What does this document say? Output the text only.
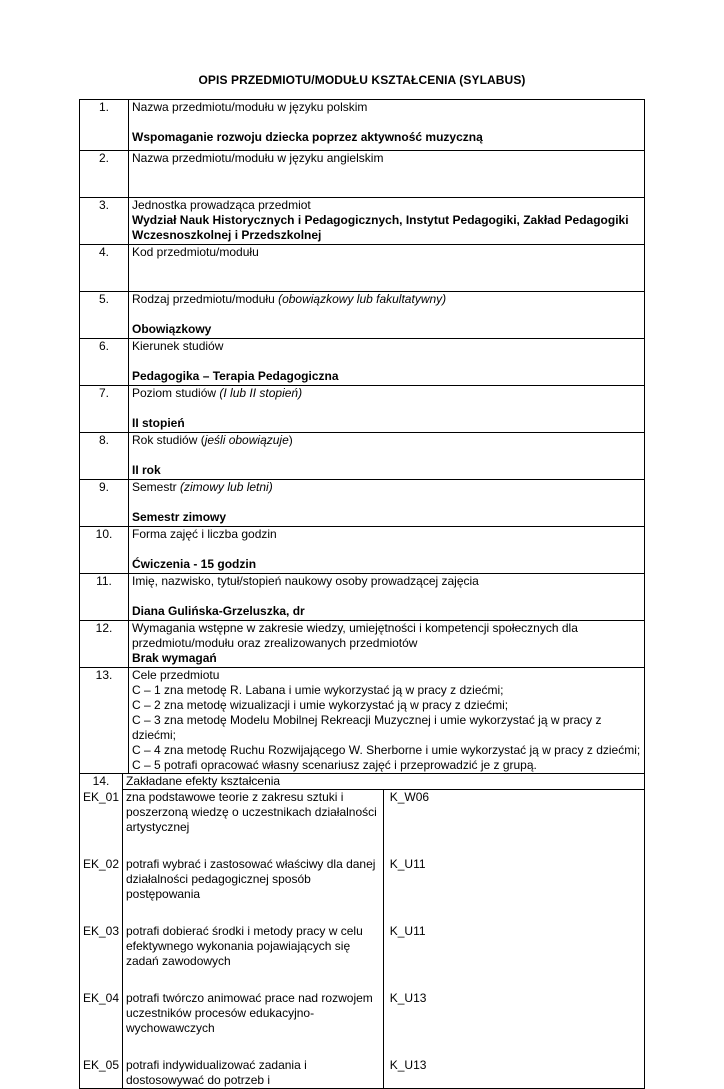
OPIS PRZEDMIOTU/MODUŁU KSZTAŁCENIA (SYLABUS)
1.	Nazwa przedmiotu/modułu w języku polskim
Wspomaganie rozwoju dziecka poprzez aktywność muzyczną

2.	Nazwa przedmiotu/modułu w języku angielskim

3.	Jednostka prowadząca przedmiot
Wydział Nauk Historycznych i Pedagogicznych, Instytut Pedagogiki, Zakład Pedagogiki Wczesnoszkolnej i Przedszkolnej

4.	Kod przedmiotu/modułu

5.	Rodzaj przedmiotu/modułu (obowiązkowy lub fakultatywny)
Obowiązkowy

6.	Kierunek studiów
Pedagogika – Terapia Pedagogiczna

7.	Poziom studiów (I lub II stopień)
II stopień

8.	Rok studiów (jeśli obowiązuje)
II rok

9.	Semestr (zimowy lub letni)
Semestr zimowy

10.	Forma zajęć i liczba godzin
Ćwiczenia - 15 godzin

11.	Imię, nazwisko, tytuł/stopień naukowy osoby prowadzącej zajęcia
Diana Gulińska-Grzeluszka, dr

12.	Wymagania wstępne w zakresie wiedzy, umiejętności i kompetencji społecznych dla przedmiotu/modułu oraz zrealizowanych przedmiotów
Brak wymagań

13.	Cele przedmiotu
C – 1 zna metodę R. Labana i umie wykorzystać ją w pracy z dziećmi;
C – 2 zna metodę wizualizacji i umie wykorzystać ją w pracy z dziećmi;
C – 3 zna metodę Modelu Mobilnej Rekreacji Muzycznej i umie wykorzystać ją w pracy z dziećmi;
C – 4 zna metodę Ruchu Rozwijającego W. Sherborne i umie wykorzystać ją w pracy z dziećmi;
C – 5 potrafi opracować własny scenariusz zajęć i przeprowadzić je z grupą.

14.	Zakładane efekty kształcenia
EK_01	zna podstawowe teorie z zakresu sztuki i poszerzoną wiedzę o uczestnikach działalności artystycznej	K_W06

EK_02	potrafi wybrać i zastosować właściwy dla danej działalności pedagogicznej sposób postępowania	K_U11

EK_03	potrafi dobierać środki i metody pracy w celu efektywnego wykonania pojawiających się zadań zawodowych	K_U11

EK_04	potrafi twórczo animować prace nad rozwojem uczestników procesów edukacyjno-wychowawczych	K_U13

EK_05	potrafi indywidualizować zadania i dostosowywać do potrzeb i	K_U13
